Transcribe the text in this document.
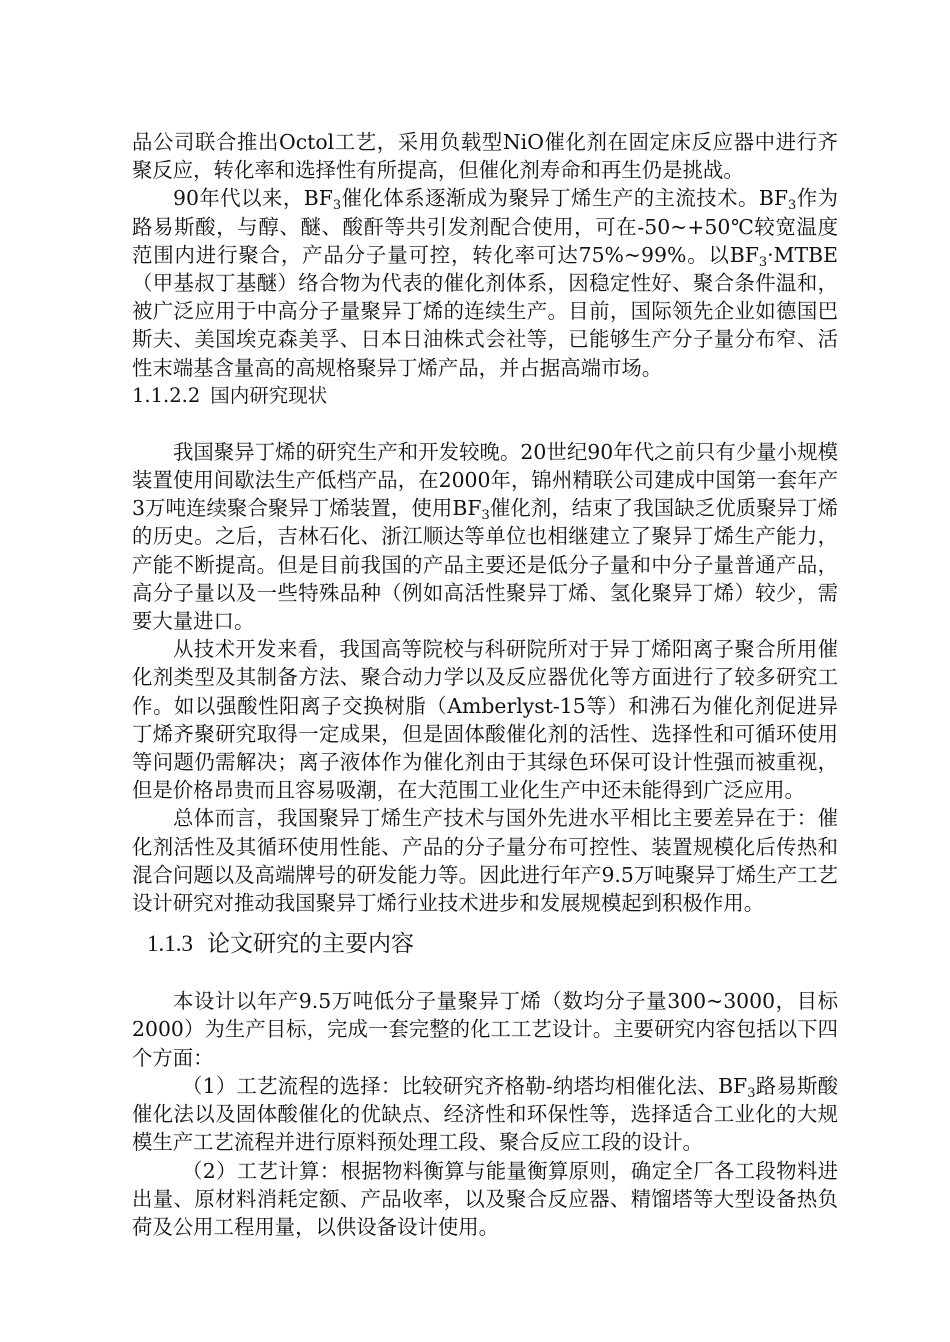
品公司联合推出Octol工艺，采用负载型NiO催化剂在固定床反应器中进行齐聚反应，转化率和选择性有所提高，但催化剂寿命和再生仍是挑战。

90年代以来，$BF_3$催化体系逐渐成为聚异丁烯生产的主流技术。$BF_3$作为路易斯酸，与醇、醚、酸酐等共引发剂配合使用，可在-50~+50℃较宽温度范围内进行聚合，产品分子量可控，转化率可达75%~99%。以$BF_3\cdot MTBE$（甲基叔丁基醚）络合物为代表的催化剂体系，因稳定性好、聚合条件温和，被广泛应用于中高分子量聚异丁烯的连续生产。目前，国际领先企业如德国巴斯夫、美国埃克森美孚、日本日油株式会社等，已能够生产分子量分布窄、活性末端基含量高的高规格聚异丁烯产品，并占据高端市场。

1.1.2.2 国内研究现状

我国聚异丁烯的研究生产和开发较晚。20世纪90年代之前只有少量小规模装置使用间歇法生产低档产品，在2000年，锦州精联公司建成中国第一套年产3万吨连续聚合聚异丁烯装置，使用$BF_3$催化剂，结束了我国缺乏优质聚异丁烯的历史。之后，吉林石化、浙江顺达等单位也相继建立了聚异丁烯生产能力，产能不断提高。但是目前我国的产品主要还是低分子量和中分子量普通产品，高分子量以及一些特殊品种（例如高活性聚异丁烯、氢化聚异丁烯）较少，需要大量进口。

从技术开发来看，我国高等院校与科研院所对于异丁烯阳离子聚合所用催化剂类型及其制备方法、聚合动力学以及反应器优化等方面进行了较多研究工作。如以强酸性阳离子交换树脂（Amberlyst-15等）和沸石为催化剂促进异丁烯齐聚研究取得一定成果，但是固体酸催化剂的活性、选择性和可循环使用等问题仍需解决；离子液体作为催化剂由于其绿色环保可设计性强而被重视，但是价格昂贵而且容易吸潮，在大范围工业化生产中还未能得到广泛应用。

总体而言，我国聚异丁烯生产技术与国外先进水平相比主要差异在于：催化剂活性及其循环使用性能、产品的分子量分布可控性、装置规模化后传热和混合问题以及高端牌号的研发能力等。因此进行年产9.5万吨聚异丁烯生产工艺设计研究对推动我国聚异丁烯行业技术进步和发展规模起到积极作用。

1.1.3 论文研究的主要内容

本设计以年产9.5万吨低分子量聚异丁烯（数均分子量300~3000，目标2000）为生产目标，完成一套完整的化工工艺设计。主要研究内容包括以下四个方面：

（1）工艺流程的选择：比较研究齐格勒-纳塔均相催化法、$BF_3$路易斯酸催化法以及固体酸催化的优缺点、经济性和环保性等，选择适合工业化的大规模生产工艺流程并进行原料预处理工段、聚合反应工段的设计。

（2）工艺计算：根据物料衡算与能量衡算原则，确定全厂各工段物料进出量、原材料消耗定额、产品收率，以及聚合反应器、精馏塔等大型设备热负荷及公用工程用量，以供设备设计使用。
